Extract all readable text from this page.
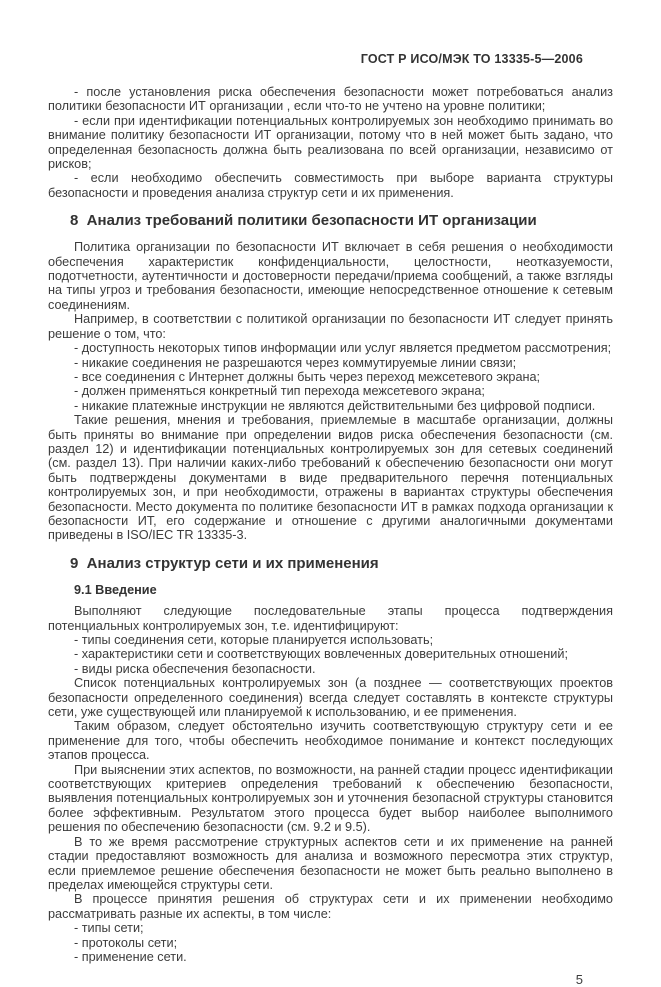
ГОСТ Р ИСО/МЭК ТО 13335-5—2006

- после установления риска обеспечения безопасности может потребоваться анализ политики безопасности ИТ организации , если что-то не учтено на уровне политики;

- если при идентификации потенциальных контролируемых зон необходимо принимать во внимание политику безопасности ИТ организации, потому что в ней может быть задано, что определенная безопасность должна быть реализована по всей организации, независимо от рисков;

- если необходимо обеспечить совместимость при выборе варианта структуры безопасности и проведения анализа структур сети и их применения.

8  Анализ требований политики безопасности ИТ организации

Политика организации по безопасности ИТ включает в себя решения о необходимости обеспечения характеристик конфиденциальности, целостности, неотказуемости, подотчетности, аутентичности и достоверности передачи/приема сообщений, а также взгляды на типы угроз и требования безопасности, имеющие непосредственное отношение к сетевым соединениям.

Например, в соответствии с политикой организации по безопасности ИТ следует принять решение о том, что:

- доступность некоторых типов информации или услуг является предметом рассмотрения;

- никакие соединения не разрешаются через коммутируемые линии связи;

- все соединения с Интернет должны быть через переход межсетевого экрана;

- должен применяться конкретный тип перехода межсетевого экрана;

- никакие платежные инструкции не являются действительными без цифровой подписи.

Такие решения, мнения и требования, приемлемые в масштабе организации, должны быть приняты во внимание при определении видов риска обеспечения безопасности (см. раздел 12) и идентификации потенциальных контролируемых зон для сетевых соединений (см. раздел 13). При наличии каких-либо требований к обеспечению безопасности они могут быть подтверждены документами в виде предварительного перечня потенциальных контролируемых зон, и при необходимости, отражены в вариантах структуры обеспечения безопасности. Место документа по политике безопасности ИТ в рамках подхода организации к безопасности ИТ, его содержание и отношение с другими аналогичными документами приведены в ISO/IEC TR 13335-3.

9  Анализ структур сети и их применения
9.1 Введение

Выполняют следующие последовательные этапы процесса подтверждения потенциальных контролируемых зон, т.е. идентифицируют:

- типы соединения сети, которые планируется использовать;

- характеристики сети и соответствующих вовлеченных доверительных отношений;

- виды риска обеспечения безопасности.

Список потенциальных контролируемых зон (а позднее — соответствующих проектов безопасности определенного соединения) всегда следует составлять в контексте структуры сети, уже существующей или планируемой к использованию, и ее применения.

Таким образом, следует обстоятельно изучить соответствующую структуру сети и ее применение для того, чтобы обеспечить необходимое понимание и контекст последующих этапов процесса.

При выяснении этих аспектов, по возможности, на ранней стадии процесс идентификации соответствующих критериев определения требований к обеспечению безопасности, выявления потенциальных контролируемых зон и уточнения безопасной структуры становится более эффективным. Результатом этого процесса будет выбор наиболее выполнимого решения по обеспечению безопасности (см. 9.2 и 9.5).

В то же время рассмотрение структурных аспектов сети и их применение на ранней стадии предоставляют возможность для анализа и возможного пересмотра этих структур, если приемлемое решение обеспечения безопасности не может быть реально выполнено в пределах имеющейся структуры сети.

В процессе принятия решения об структурах сети и их применении необходимо рассматривать разные их аспекты, в том числе:

- типы сети;

- протоколы сети;

- применение сети.

5
